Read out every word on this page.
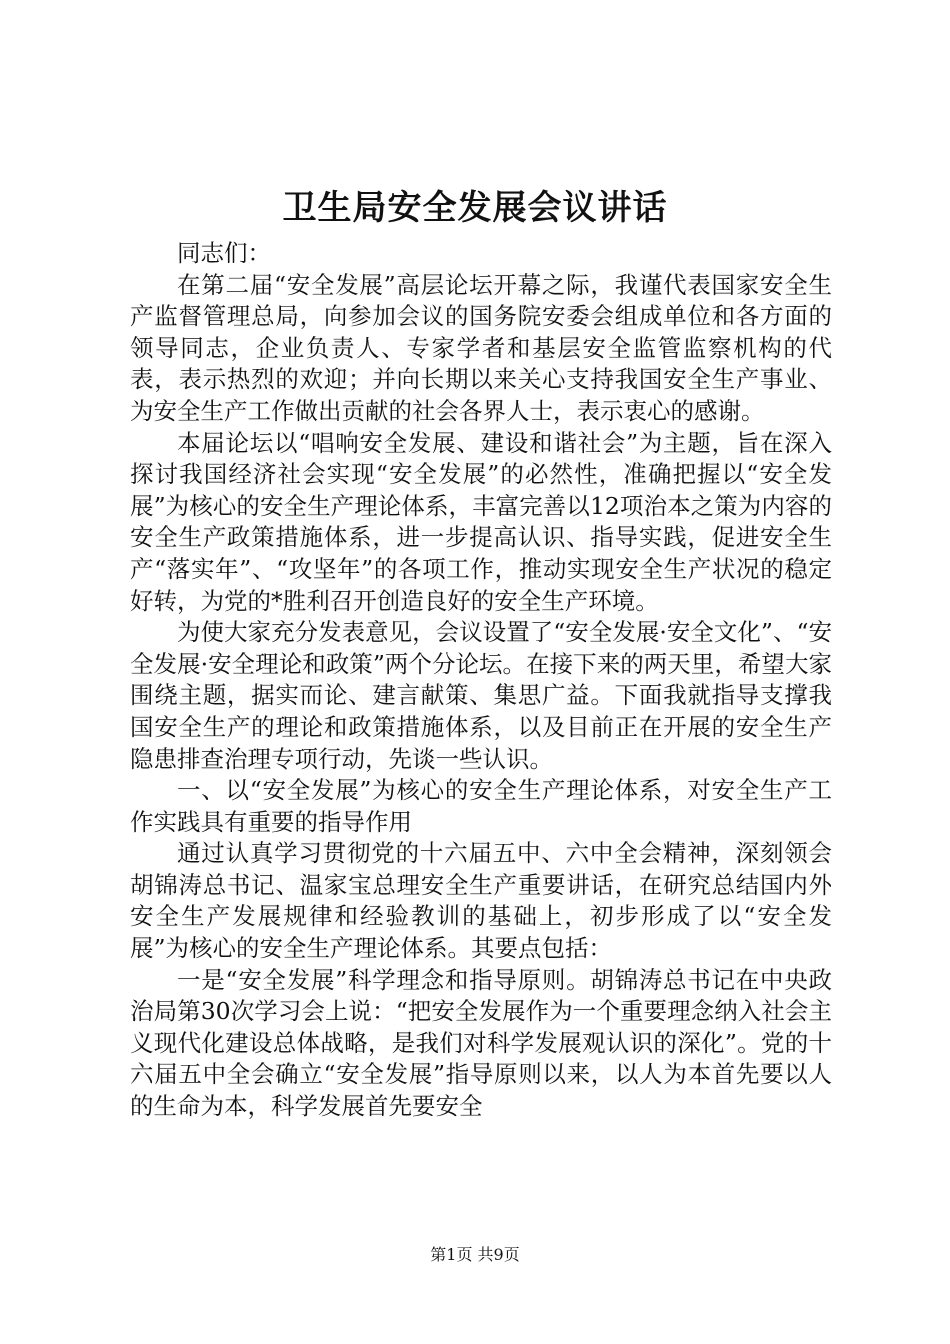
卫生局安全发展会议讲话

同志们：

在第二届“安全发展”高层论坛开幕之际，我谨代表国家安全生产监督管理总局，向参加会议的国务院安委会组成单位和各方面的领导同志，企业负责人、专家学者和基层安全监管监察机构的代表，表示热烈的欢迎；并向长期以来关心支持我国安全生产事业、为安全生产工作做出贡献的社会各界人士，表示衷心的感谢。

本届论坛以“唱响安全发展、建设和谐社会”为主题，旨在深入探讨我国经济社会实现“安全发展”的必然性，准确把握以“安全发展”为核心的安全生产理论体系，丰富完善以12项治本之策为内容的安全生产政策措施体系，进一步提高认识、指导实践，促进安全生产“落实年”、“攻坚年”的各项工作，推动实现安全生产状况的稳定好转，为党的*胜利召开创造良好的安全生产环境。

为使大家充分发表意见，会议设置了“安全发展·安全文化”、“安全发展·安全理论和政策”两个分论坛。在接下来的两天里，希望大家围绕主题，据实而论、建言献策、集思广益。下面我就指导支撑我国安全生产的理论和政策措施体系，以及目前正在开展的安全生产隐患排查治理专项行动，先谈一些认识。

一、以“安全发展”为核心的安全生产理论体系，对安全生产工作实践具有重要的指导作用

通过认真学习贯彻党的十六届五中、六中全会精神，深刻领会胡锦涛总书记、温家宝总理安全生产重要讲话，在研究总结国内外安全生产发展规律和经验教训的基础上，初步形成了以“安全发展”为核心的安全生产理论体系。其要点包括：

一是“安全发展”科学理念和指导原则。胡锦涛总书记在中央政治局第30次学习会上说：“把安全发展作为一个重要理念纳入社会主义现代化建设总体战略，是我们对科学发展观认识的深化”。党的十六届五中全会确立“安全发展”指导原则以来，以人为本首先要以人的生命为本，科学发展首先要安全

第1页 共9页
